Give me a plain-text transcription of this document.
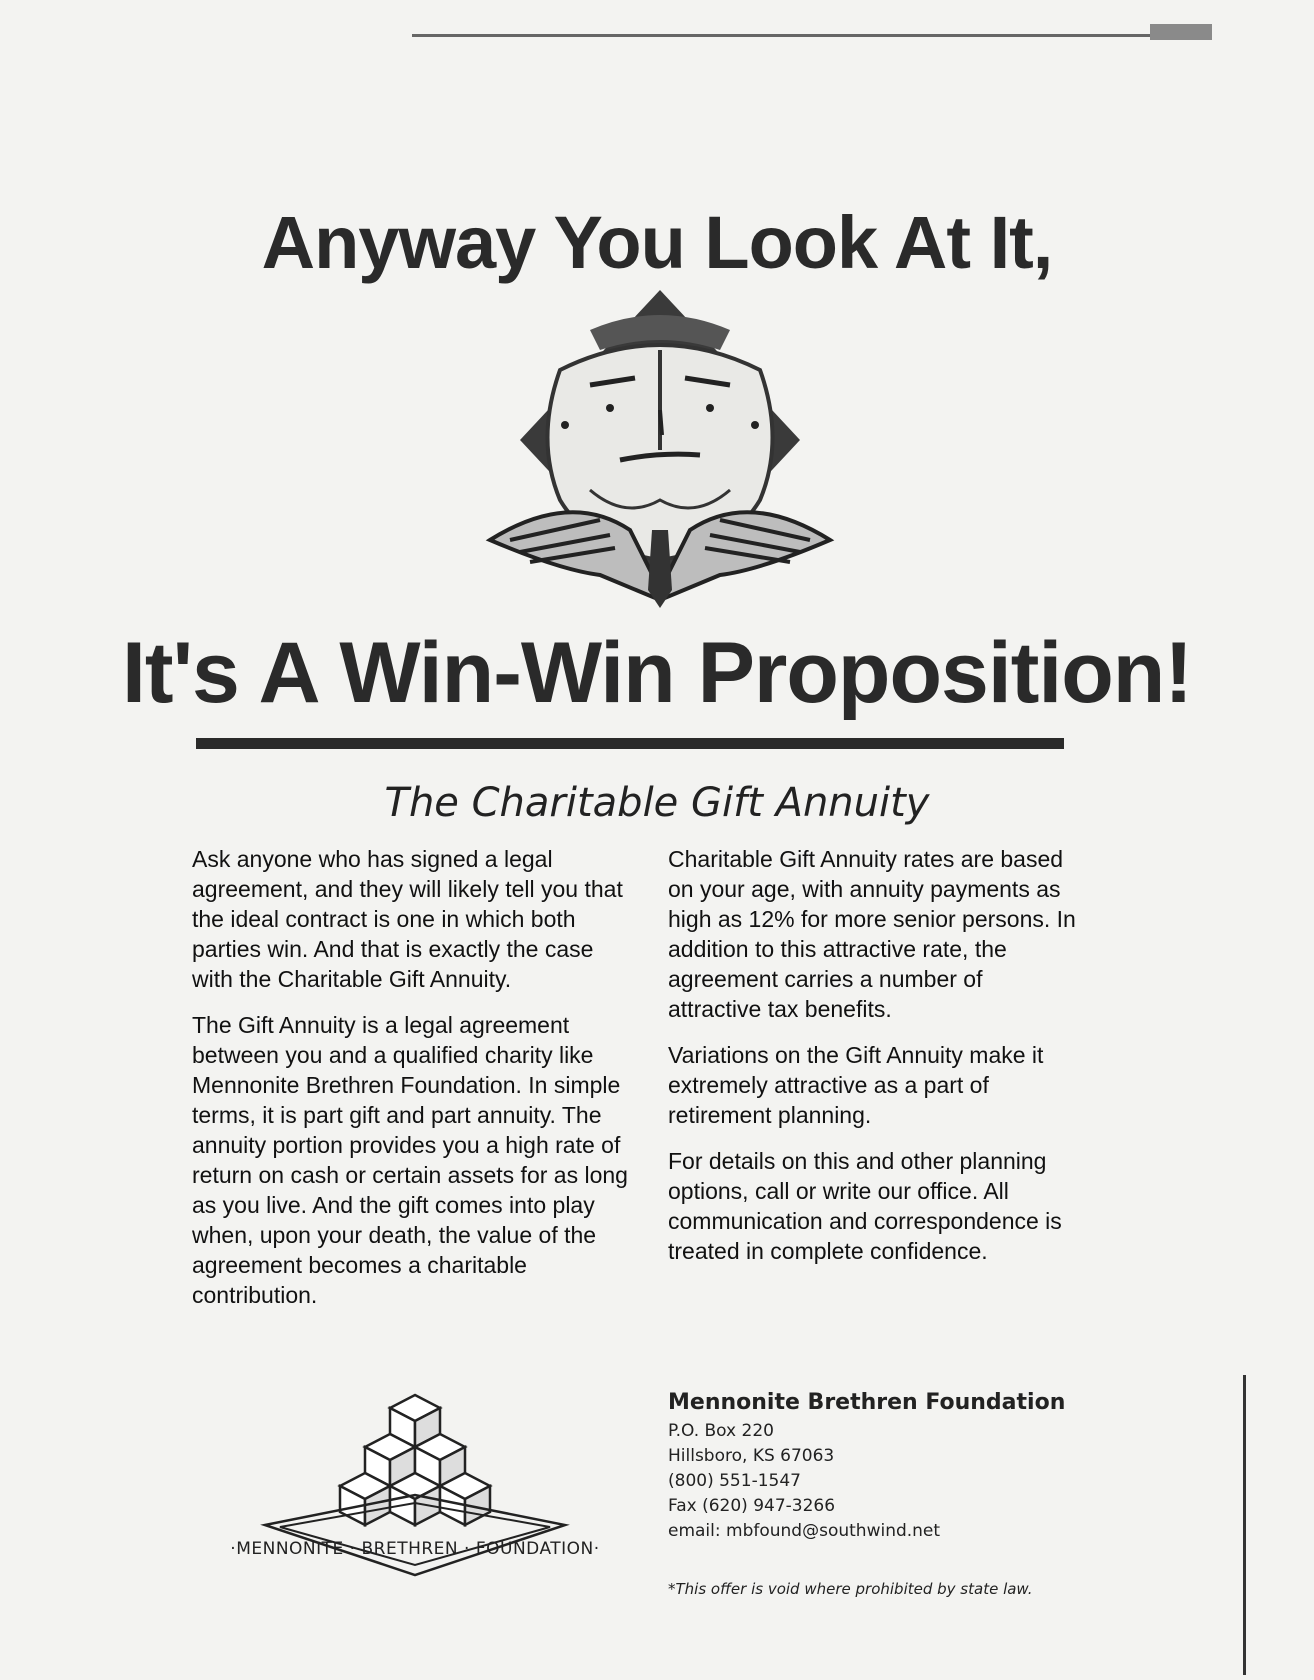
Anyway You Look At It,
It's A Win-Win Proposition!
The Charitable Gift Annuity

Ask anyone who has signed a legal agreement, and they will likely tell you that the ideal contract is one in which both parties win. And that is exactly the case with the Charitable Gift Annuity.

The Gift Annuity is a legal agreement between you and a qualified charity like Mennonite Brethren Foundation. In simple terms, it is part gift and part annuity. The annuity portion provides you a high rate of return on cash or certain assets for as long as you live. And the gift comes into play when, upon your death, the value of the agreement becomes a charitable contribution.

Charitable Gift Annuity rates are based on your age, with annuity payments as high as 12% for more senior persons. In addition to this attractive rate, the agreement carries a number of attractive tax benefits.

Variations on the Gift Annuity make it extremely attractive as a part of retirement planning.

For details on this and other planning options, call or write our office. All communication and correspondence is treated in complete confidence.

·MENNONITE · BRETHREN · FOUNDATION·
Mennonite Brethren Foundation
P.O. Box 220
Hillsboro, KS 67063
(800) 551-1547
Fax (620) 947-3266
email: mbfound@southwind.net
*This offer is void where prohibited by state law.
